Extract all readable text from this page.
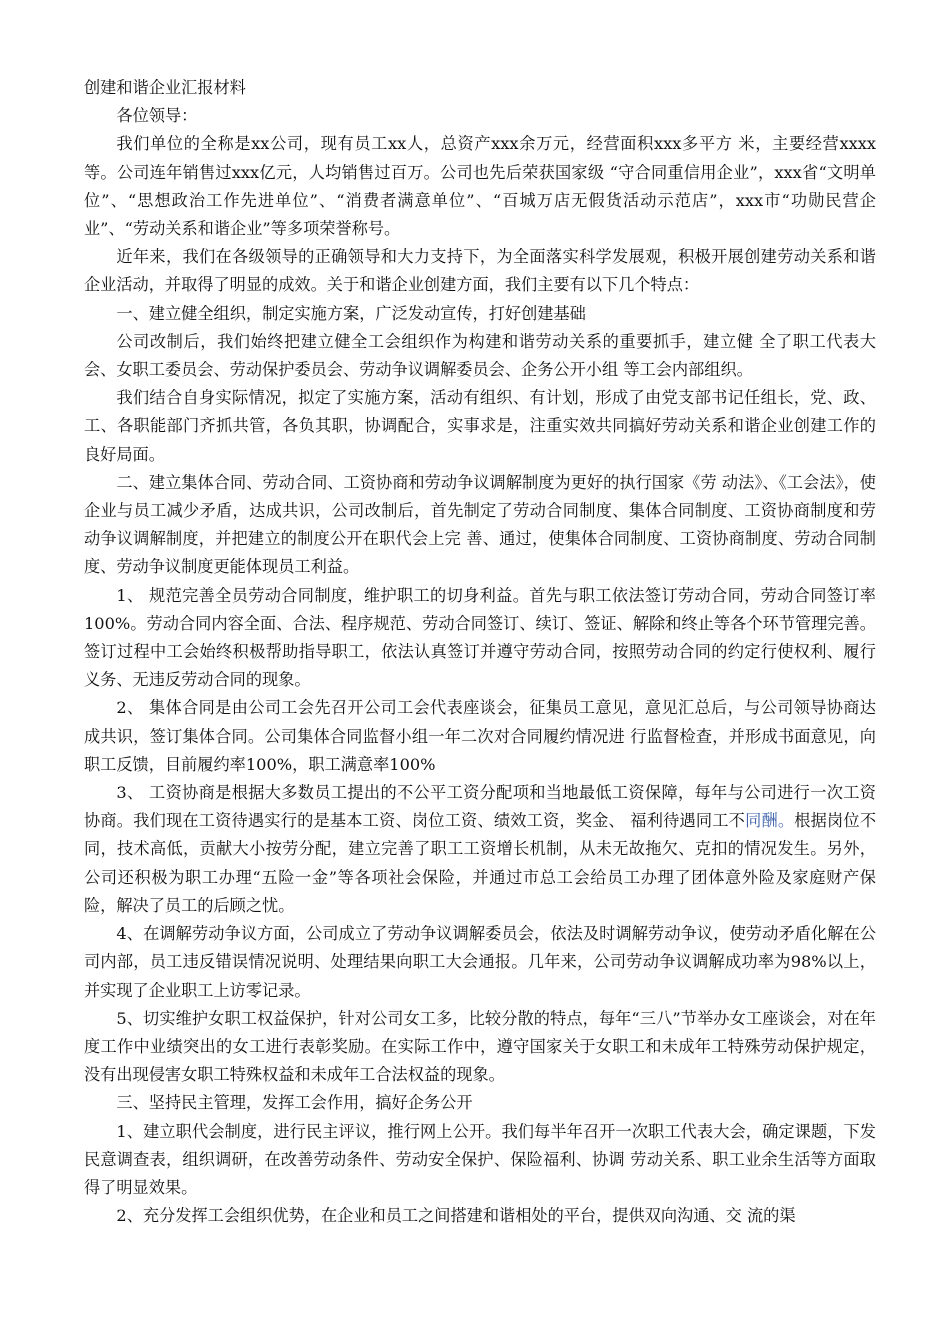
创建和谐企业汇报材料

各位领导：

我们单位的全称是xx公司，现有员工xx人，总资产xxx余万元，经营面积xxx多平方 米，主要经营xxxx等。公司连年销售过xxx亿元，人均销售过百万。公司也先后荣获国家级 “守合同重信用企业”，xxx省“文明单位”、“思想政治工作先进单位”、“消费者满意单位”、“百城万店无假货活动示范店”，xxx市“功勋民营企业”、“劳动关系和谐企业”等多项荣誉称号。

近年来，我们在各级领导的正确领导和大力支持下，为全面落实科学发展观，积极开展创建劳动关系和谐企业活动，并取得了明显的成效。关于和谐企业创建方面，我们主要有以下几个特点：

一、建立健全组织，制定实施方案，广泛发动宣传，打好创建基础

公司改制后，我们始终把建立健全工会组织作为构建和谐劳动关系的重要抓手，建立健 全了职工代表大会、女职工委员会、劳动保护委员会、劳动争议调解委员会、企务公开小组 等工会内部组织。

我们结合自身实际情况，拟定了实施方案，活动有组织、有计划，形成了由党支部书记任组长，党、政、工、各职能部门齐抓共管，各负其职，协调配合，实事求是，注重实效共同搞好劳动关系和谐企业创建工作的良好局面。

二、建立集体合同、劳动合同、工资协商和劳动争议调解制度为更好的执行国家《劳 动法》、《工会法》，使企业与员工减少矛盾，达成共识，公司改制后，首先制定了劳动合同制度、集体合同制度、工资协商制度和劳动争议调解制度，并把建立的制度公开在职代会上完 善、通过，使集体合同制度、工资协商制度、劳动合同制度、劳动争议制度更能体现员工利益。

1、 规范完善全员劳动合同制度，维护职工的切身利益。首先与职工依法签订劳动合同，劳动合同签订率 100%。劳动合同内容全面、合法、程序规范、劳动合同签订、续订、签证、解除和终止等各个环节管理完善。签订过程中工会始终积极帮助指导职工，依法认真签订并遵守劳动合同，按照劳动合同的约定行使权利、履行义务、无违反劳动合同的现象。

2、 集体合同是由公司工会先召开公司工会代表座谈会，征集员工意见，意见汇总后，与公司领导协商达成共识，签订集体合同。公司集体合同监督小组一年二次对合同履约情况进 行监督检查，并形成书面意见，向职工反馈，目前履约率100%，职工满意率100%

3、 工资协商是根据大多数员工提出的不公平工资分配项和当地最低工资保障，每年与公司进行一次工资协商。我们现在工资待遇实行的是基本工资、岗位工资、绩效工资，奖金、 福利待遇同工不同酬。根据岗位不同，技术高低，贡献大小按劳分配，建立完善了职工工资增长机制，从未无故拖欠、克扣的情况发生。另外，公司还积极为职工办理“五险一金”等各项社会保险，并通过市总工会给员工办理了团体意外险及家庭财产保险，解决了员工的后顾之忧。

4、在调解劳动争议方面，公司成立了劳动争议调解委员会，依法及时调解劳动争议，使劳动矛盾化解在公司内部，员工违反错误情况说明、处理结果向职工大会通报。几年来，公司劳动争议调解成功率为98%以上，并实现了企业职工上访零记录。

5、切实维护女职工权益保护，针对公司女工多，比较分散的特点，每年“三八”节举办女工座谈会，对在年度工作中业绩突出的女工进行表彰奖励。在实际工作中，遵守国家关于女职工和未成年工特殊劳动保护规定，没有出现侵害女职工特殊权益和未成年工合法权益的现象。

三、坚持民主管理，发挥工会作用，搞好企务公开

1、建立职代会制度，进行民主评议，推行网上公开。我们每半年召开一次职工代表大会，确定课题，下发民意调查表，组织调研，在改善劳动条件、劳动安全保护、保险福利、协调 劳动关系、职工业余生活等方面取得了明显效果。

2、充分发挥工会组织优势，在企业和员工之间搭建和谐相处的平台，提供双向沟通、交 流的渠
